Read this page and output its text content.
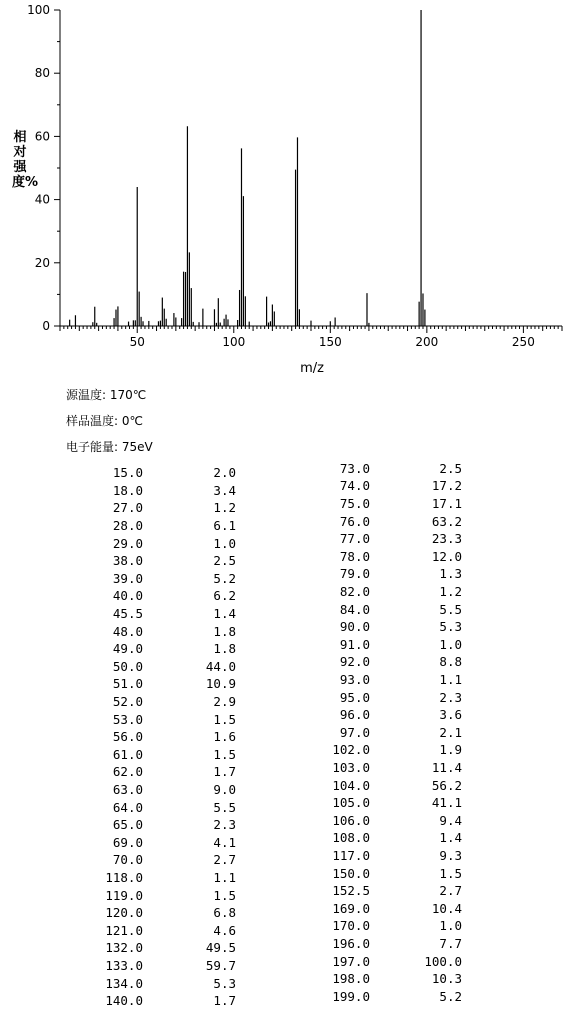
0
20
40
60
80
100
50	100	150	200	250
m/z
相对强度%
源温度: 170℃
样品温度: 0℃
电子能量: 75eV
15.0	2.0
18.0	3.4
27.0	1.2
28.0	6.1
29.0	1.0
38.0	2.5
39.0	5.2
40.0	6.2
45.5	1.4
48.0	1.8
49.0	1.8
50.0	44.0
51.0	10.9
52.0	2.9
53.0	1.5
56.0	1.6
61.0	1.5
62.0	1.7
63.0	9.0
64.0	5.5
65.0	2.3
69.0	4.1
70.0	2.7
118.0	1.1
119.0	1.5
120.0	6.8
121.0	4.6
132.0	49.5
133.0	59.7
134.0	5.3
140.0	1.7
73.0	2.5
74.0	17.2
75.0	17.1
76.0	63.2
77.0	23.3
78.0	12.0
79.0	1.3
82.0	1.2
84.0	5.5
90.0	5.3
91.0	1.0
92.0	8.8
93.0	1.1
95.0	2.3
96.0	3.6
97.0	2.1
102.0	1.9
103.0	11.4
104.0	56.2
105.0	41.1
106.0	9.4
108.0	1.4
117.0	9.3
150.0	1.5
152.5	2.7
169.0	10.4
170.0	1.0
196.0	7.7
197.0	100.0
198.0	10.3
199.0	5.2
